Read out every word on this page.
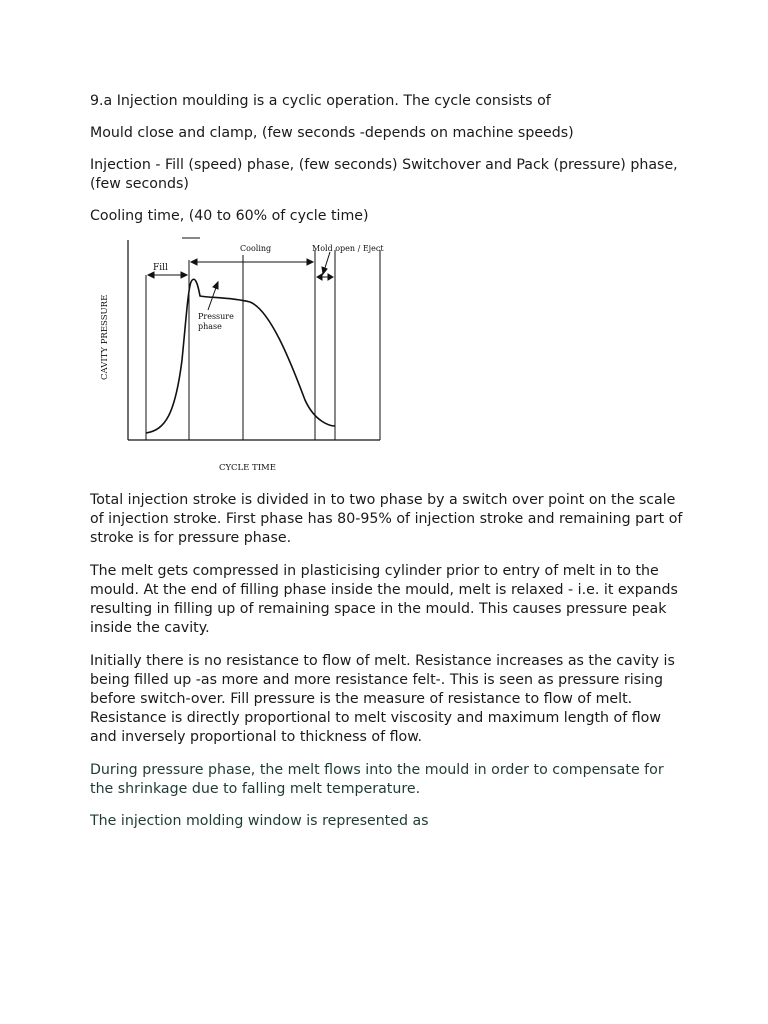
9.a Injection moulding is a cyclic operation. The cycle consists of

Mould close and clamp, (few seconds -depends on machine speeds)

Injection - Fill (speed) phase, (few seconds) Switchover and Pack (pressure) phase, (few seconds)

Cooling time, (40 to 60% of cycle time)

Fill
Cooling	Mold open / Eject
Pressure
phase
CAVITY PRESSURE
CYCLE TIME

Total injection stroke is divided in to two phase by a switch over point on the scale of injection stroke. First phase has 80-95% of injection stroke and remaining part of stroke is for pressure phase.

The melt gets compressed in plasticising cylinder prior to entry of melt in to the mould. At the end of filling phase inside the mould, melt is relaxed - i.e. it expands resulting in filling up of remaining space in the mould. This causes pressure peak inside the cavity.

Initially there is no resistance to flow of melt. Resistance increases as the cavity is being filled up -as more and more resistance felt-. This is seen as pressure rising before switch-over. Fill pressure is the measure of resistance to flow of melt. Resistance is directly proportional to melt viscosity and maximum length of flow and inversely proportional to thickness of flow.

During pressure phase, the melt flows into the mould in order to compensate for the shrinkage due to falling melt temperature.

The injection molding window is represented as
